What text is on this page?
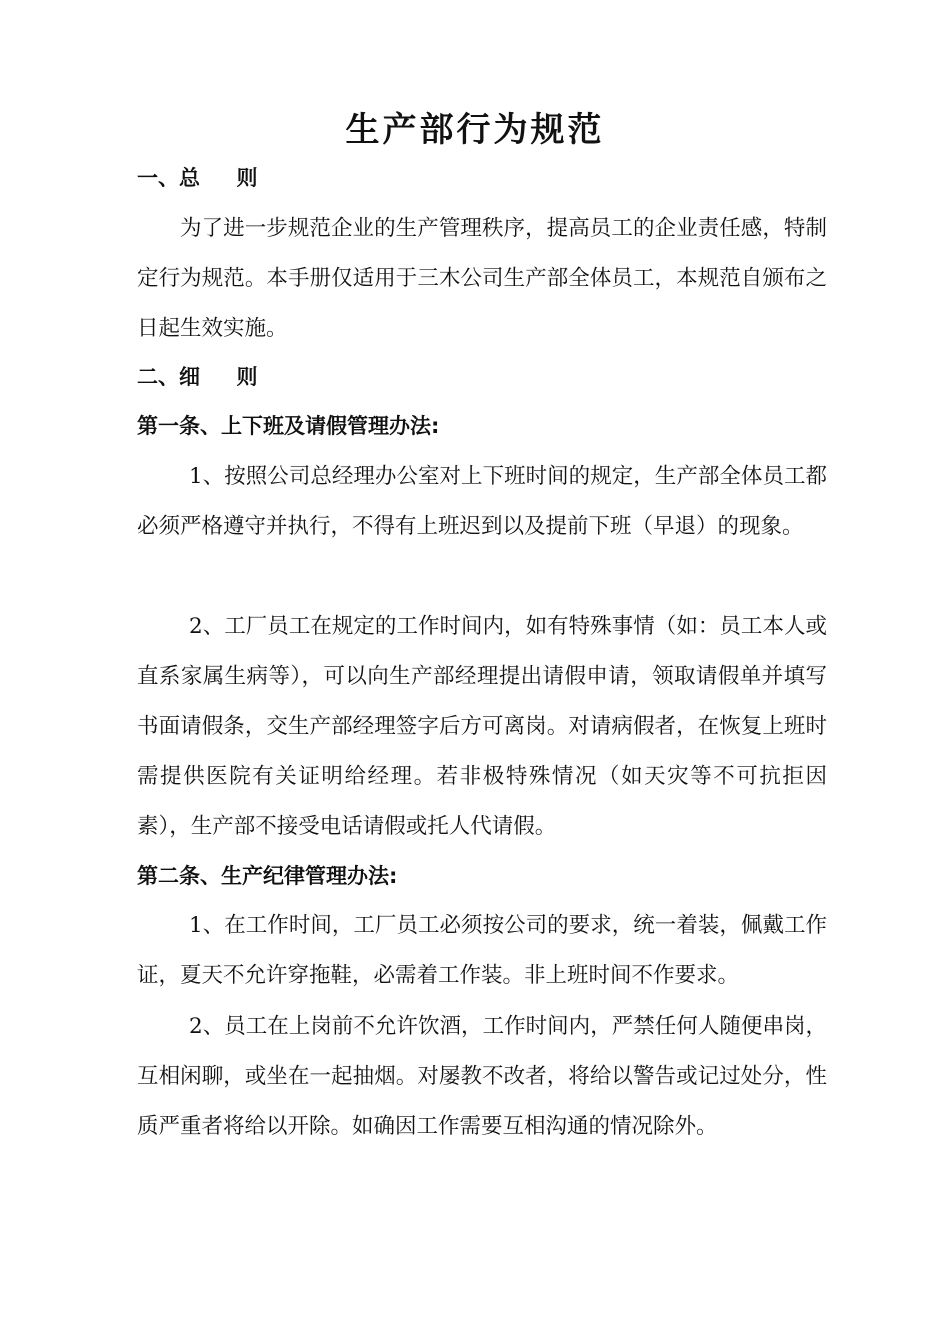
生产部行为规范
一、总     则
为了进一步规范企业的生产管理秩序，提高员工的企业责任感，特制定行为规范。本手册仅适用于三木公司生产部全体员工，本规范自颁布之日起生效实施。
二、细     则
第一条、上下班及请假管理办法:
1、按照公司总经理办公室对上下班时间的规定，生产部全体员工都必须严格遵守并执行，不得有上班迟到以及提前下班（早退）的现象。
2、工厂员工在规定的工作时间内，如有特殊事情（如：员工本人或直系家属生病等），可以向生产部经理提出请假申请，领取请假单并填写书面请假条，交生产部经理签字后方可离岗。对请病假者，在恢复上班时需提供医院有关证明给经理。若非极特殊情况（如天灾等不可抗拒因素），生产部不接受电话请假或托人代请假。
第二条、生产纪律管理办法:
1、在工作时间，工厂员工必须按公司的要求，统一着装，佩戴工作证，夏天不允许穿拖鞋，必需着工作装。非上班时间不作要求。
2、员工在上岗前不允许饮酒，工作时间内，严禁任何人随便串岗，互相闲聊，或坐在一起抽烟。对屡教不改者，将给以警告或记过处分，性质严重者将给以开除。如确因工作需要互相沟通的情况除外。
